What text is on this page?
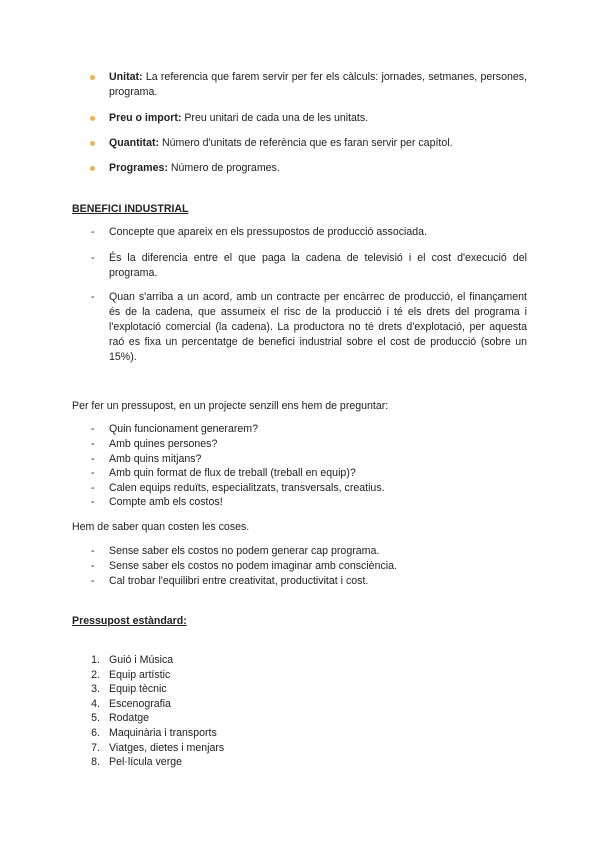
Unitat: La referencia que farem servir per fer els càlculs: jornades, setmanes, persones, programa.
Preu o import: Preu unitari de cada una de les unitats.
Quantitat: Número d'unitats de referència que es faran servir per capítol.
Programes: Número de programes.
BENEFICI INDUSTRIAL
- Concepte que apareix en els pressupostos de producció associada.
- És la diferencia entre el que paga la cadena de televisió i el cost d'execució del programa.
- Quan s'arriba a un acord, amb un contracte per encàrrec de producció, el finançament és de la cadena, que assumeix el risc de la producció i té els drets del programa i l'explotació comercial (la cadena). La productora no té drets d'explotació, per aquesta raó es fixa un percentatge de benefici industrial sobre el cost de producció (sobre un 15%).
Per fer un pressupost, en un projecte senzill ens hem de preguntar:
- Quin funcionament generarem?
- Amb quines persones?
- Amb quins mitjans?
- Amb quin format de flux de treball (treball en equip)?
- Calen equips reduïts, especialitzats, transversals, creatius.
- Compte amb els costos!
Hem de saber quan costen les coses.
- Sense saber els costos no podem generar cap programa.
- Sense saber els costos no podem imaginar amb consciència.
- Cal trobar l'equilibri entre creativitat, productivitat i cost.
Pressupost estàndard:
1. Guió i Música
2. Equip artístic
3. Equip tècnic
4. Escenografia
5. Rodatge
6. Maquinària i transports
7. Viatges, dietes i menjars
8. Pel·lícula verge
